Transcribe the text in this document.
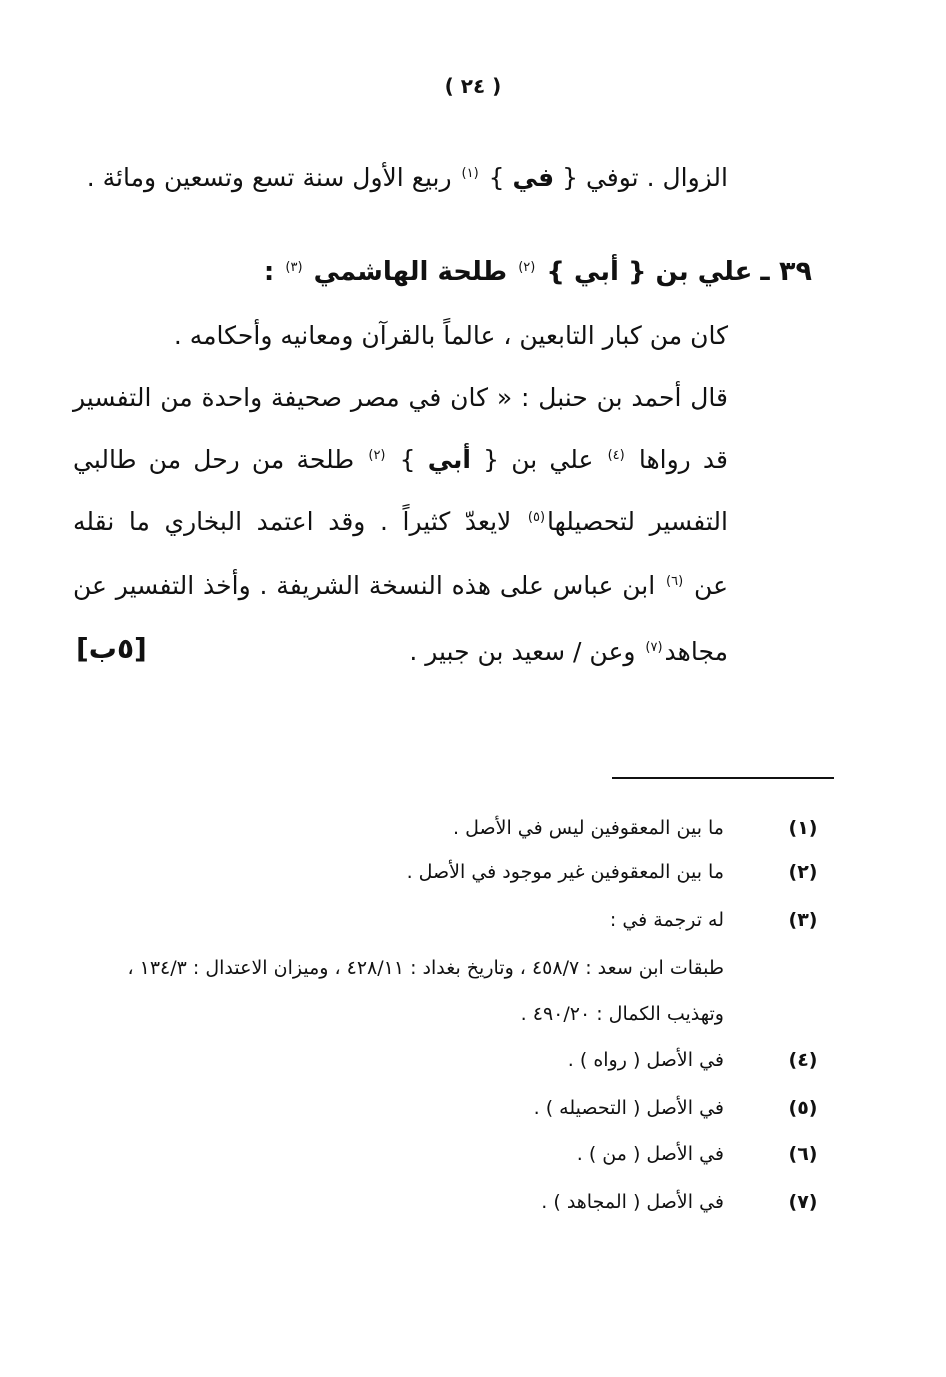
( ٢٤ )
الزوال . توفي { في } $^{(١)}$ ربيع الأول سنة تسع وتسعين ومائة .
٣٩ ـ علي بن { أبي } $^{(٢)}$ طلحة الهاشمي $^{(٣)}$ :
كان من كبار التابعين ، عالماً بالقرآن ومعانيه وأحكامه .
قال أحمد بن حنبل : « كان في مصر صحيفة واحدة من التفسير
قد رواها $^{(٤)}$ علي بن { أبي } $^{(٢)}$ طلحة من رحل من طالبي
التفسير لتحصيلها$^{(٥)}$ لايعدّ كثيراً . وقد اعتمد البخاري ما نقله
عن $^{(٦)}$ ابن عباس على هذه النسخة الشريفة . وأخذ التفسير عن
مجاهد$^{(٧)}$ وعن / سعيد بن جبير .
[٥ب]
(١)
ما بين المعقوفين ليس في الأصل .
(٢)
ما بين المعقوفين غير موجود في الأصل .
(٣)
له ترجمة في :
طبقات ابن سعد : ٤٥٨/٧ ، وتاريخ بغداد : ٤٢٨/١١ ، وميزان الاعتدال : ١٣٤/٣ ،
وتهذيب الكمال : ٤٩٠/٢٠ .
(٤)
في الأصل ( رواه ) .
(٥)
في الأصل ( التحصيله ) .
(٦)
في الأصل ( من ) .
(٧)
في الأصل ( المجاهد ) .
